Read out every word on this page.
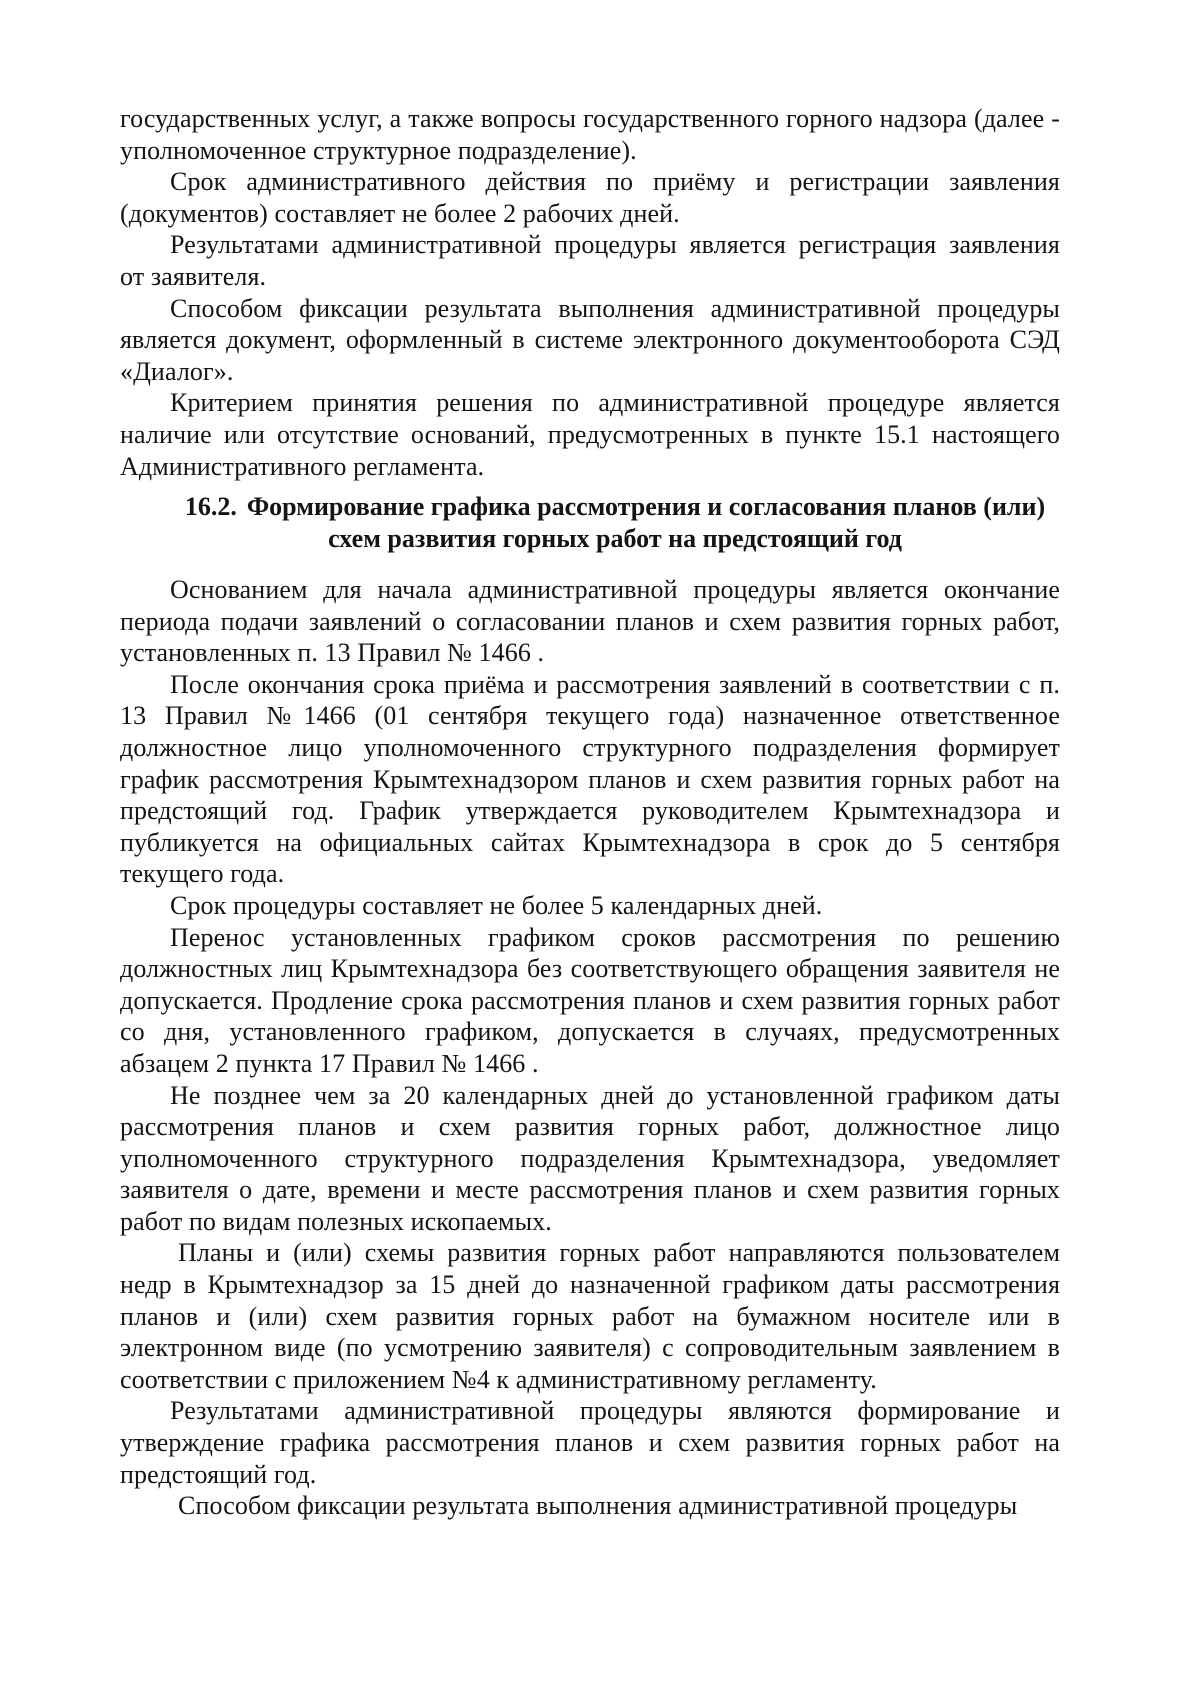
государственных услуг, а также вопросы государственного горного надзора (далее - уполномоченное структурное подразделение).

Срок административного действия по приёму и регистрации заявления (документов) составляет не более 2 рабочих дней.

Результатами административной процедуры является регистрация заявления от заявителя.

Способом фиксации результата выполнения административной процедуры является документ, оформленный в системе электронного документооборота СЭД «Диалог».

Критерием принятия решения по административной процедуре является наличие или отсутствие оснований, предусмотренных в пункте 15.1 настоящего Административного регламента.

16.2. Формирование графика рассмотрения и согласования планов (или) схем развития горных работ на предстоящий год

Основанием для начала административной процедуры является окончание периода подачи заявлений о согласовании планов и схем развития горных работ, установленных п. 13 Правил № 1466 .

После окончания срока приёма и рассмотрения заявлений в соответствии с п. 13 Правил №1466 (01 сентября текущего года) назначенное ответственное должностное лицо уполномоченного структурного подразделения формирует график рассмотрения Крымтехнадзором планов и схем развития горных работ на предстоящий год. График утверждается руководителем Крымтехнадзора и публикуется на официальных сайтах Крымтехнадзора в срок до 5 сентября текущего года.

Срок процедуры составляет не более 5 календарных дней.

Перенос установленных графиком сроков рассмотрения по решению должностных лиц Крымтехнадзора без соответствующего обращения заявителя не допускается. Продление срока рассмотрения планов и схем развития горных работ со дня, установленного графиком, допускается в случаях, предусмотренных абзацем 2 пункта 17 Правил № 1466 .

Не позднее чем за 20 календарных дней до установленной графиком даты рассмотрения планов и схем развития горных работ, должностное лицо уполномоченного структурного подразделения Крымтехнадзора, уведомляет заявителя о дате, времени и месте рассмотрения планов и схем развития горных работ по видам полезных ископаемых.

Планы и (или) схемы развития горных работ направляются пользователем недр в Крымтехнадзор за 15 дней до назначенной графиком даты рассмотрения планов и (или) схем развития горных работ на бумажном носителе или в электронном виде (по усмотрению заявителя) с сопроводительным заявлением в соответствии с приложением №4 к административному регламенту.

Результатами административной процедуры являются формирование и утверждение графика рассмотрения планов и схем развития горных работ на предстоящий год.

Способом фиксации результата выполнения административной процедуры
